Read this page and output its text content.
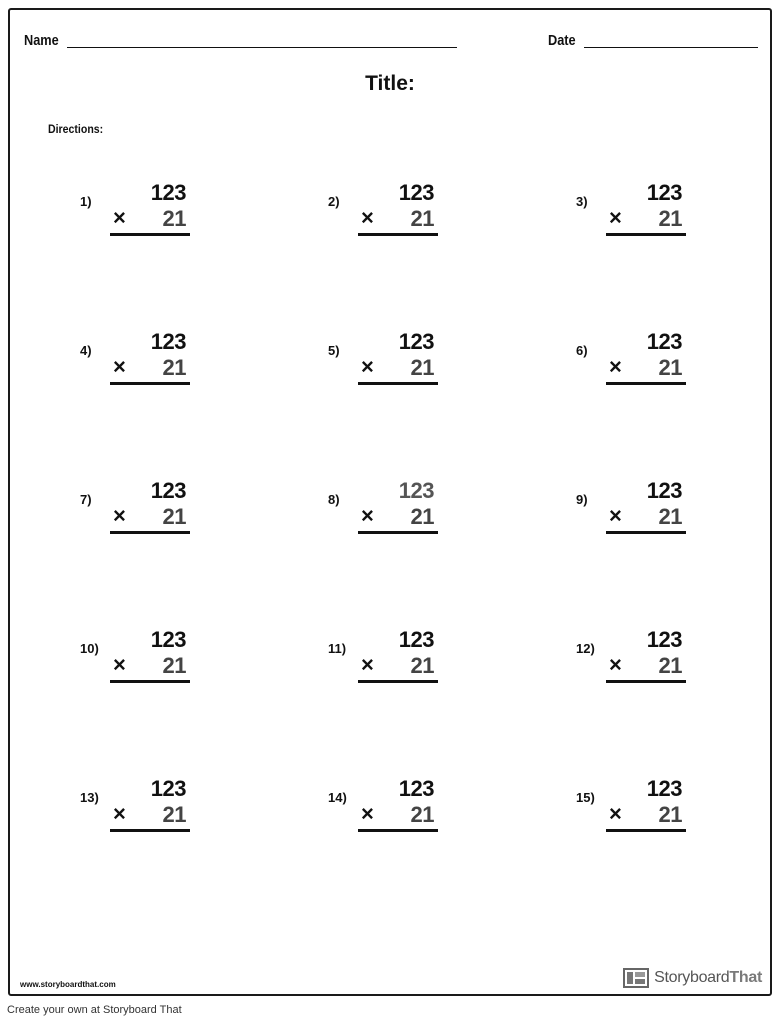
Name	Date
Title:
Directions:
1)	123
×	21
2)	123
×	21
3)	123
×	21
4)	123
×	21
5)	123
×	21
6)	123
×	21
7)	123
×	21
8)	123
×	21
9)	123
×	21
10)	123
×	21
11)	123
×	21
12)	123
×	21
13)	123
×	21
14)	123
×	21
15)	123
×	21
www.storyboardthat.com	StoryboardThat
Create your own at Storyboard That
